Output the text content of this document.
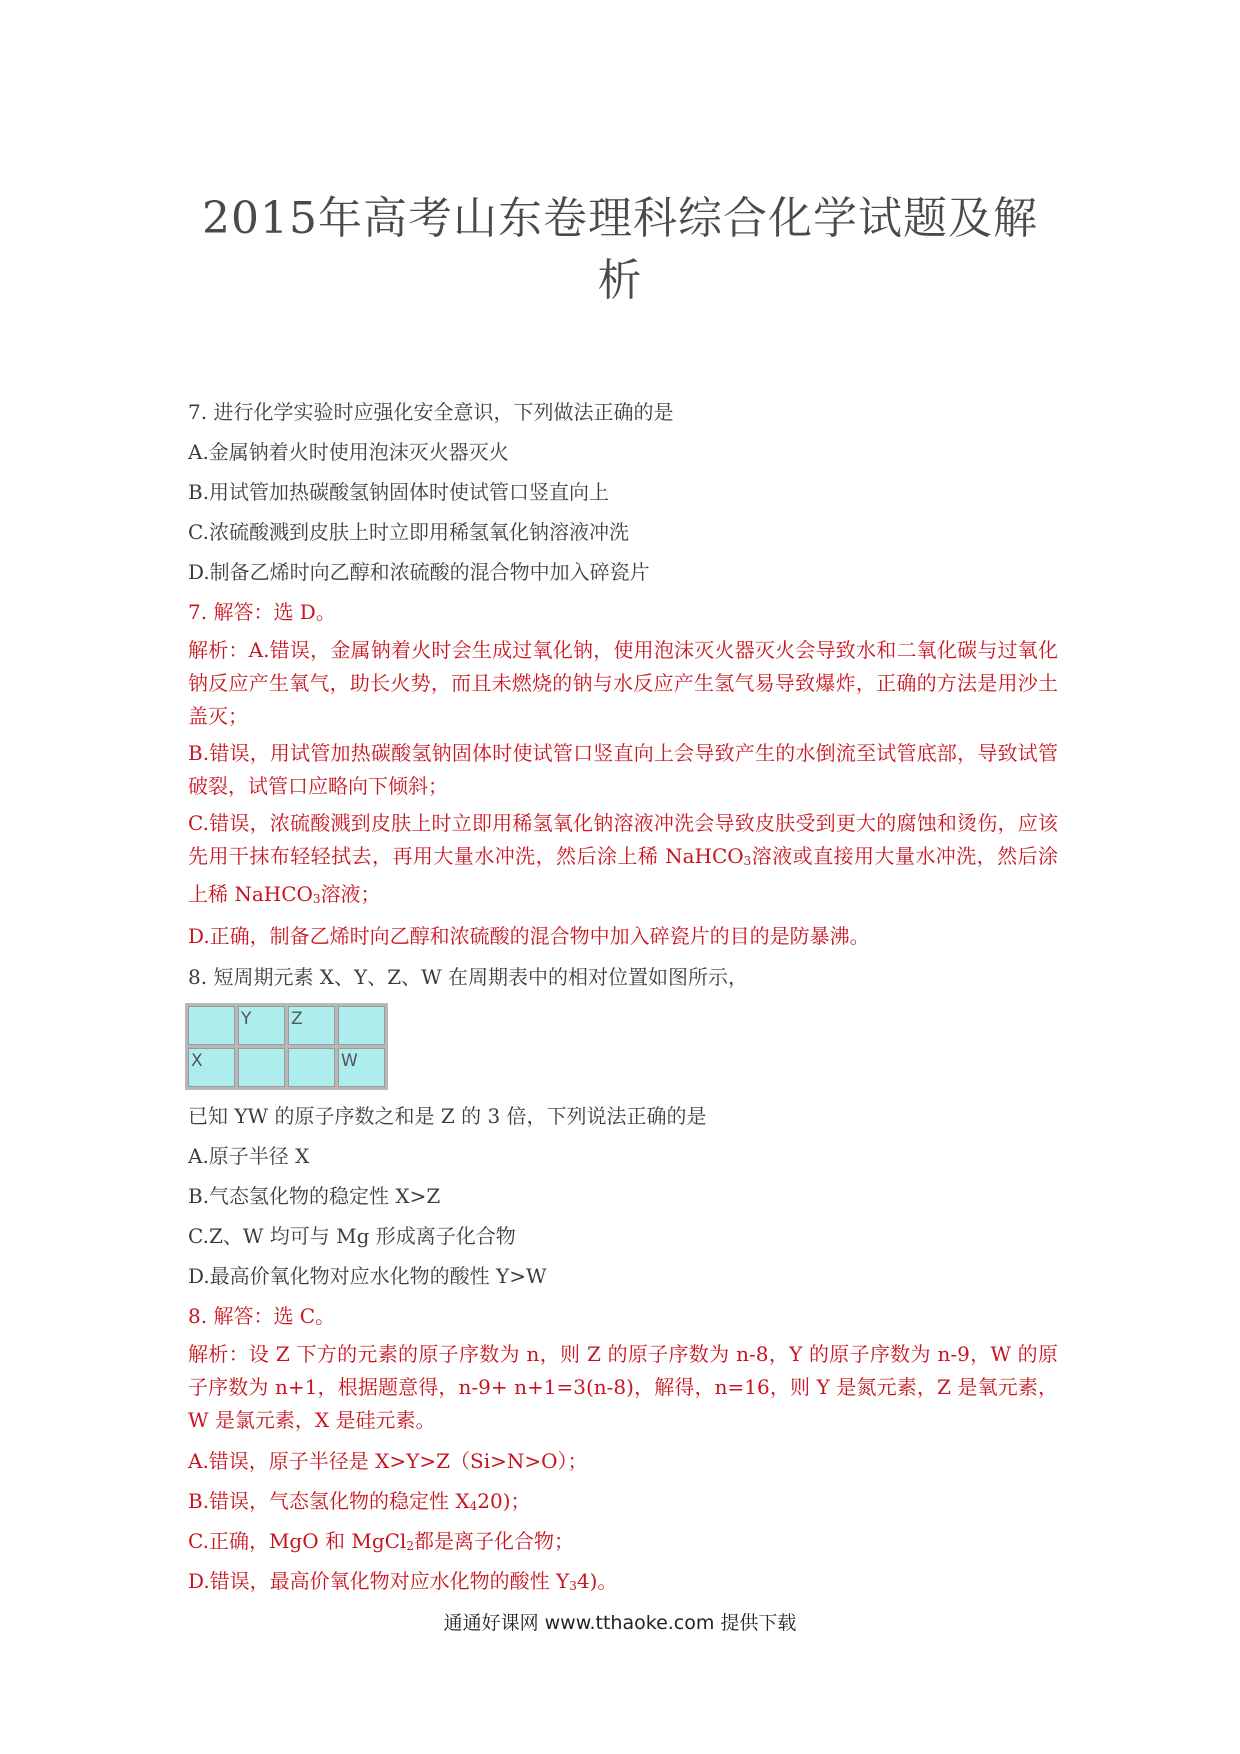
2015年高考山东卷理科综合化学试题及解析
7. 进行化学实验时应强化安全意识，下列做法正确的是
A.金属钠着火时使用泡沫灭火器灭火
B.用试管加热碳酸氢钠固体时使试管口竖直向上
C.浓硫酸溅到皮肤上时立即用稀氢氧化钠溶液冲洗
D.制备乙烯时向乙醇和浓硫酸的混合物中加入碎瓷片
7. 解答：选 D。
解析：A.错误，金属钠着火时会生成过氧化钠，使用泡沫灭火器灭火会导致水和二氧化碳与过氧化钠反应产生氧气，助长火势，而且未燃烧的钠与水反应产生氢气易导致爆炸，正确的方法是用沙土盖灭；
B.错误，用试管加热碳酸氢钠固体时使试管口竖直向上会导致产生的水倒流至试管底部，导致试管破裂，试管口应略向下倾斜；
C.错误，浓硫酸溅到皮肤上时立即用稀氢氧化钠溶液冲洗会导致皮肤受到更大的腐蚀和烫伤，应该先用干抹布轻轻拭去，再用大量水冲洗，然后涂上稀 NaHCO$_3$溶液或直接用大量水冲洗，然后涂上稀 NaHCO$_3$溶液；
D.正确，制备乙烯时向乙醇和浓硫酸的混合物中加入碎瓷片的目的是防暴沸。
8. 短周期元素 X、Y、Z、W 在周期表中的相对位置如图所示，
	Y	Z	
X			W
已知 YW 的原子序数之和是 Z 的 3 倍，下列说法正确的是
A.原子半径 X
B.气态氢化物的稳定性 X>Z
C.Z、W 均可与 Mg 形成离子化合物
D.最高价氧化物对应水化物的酸性 Y>W
8. 解答：选 C。
解析：设 Z 下方的元素的原子序数为 n，则 Z 的原子序数为 n-8，Y 的原子序数为 n-9，W 的原子序数为 n+1，根据题意得，n-9+ n+1=3(n-8)，解得，n=16，则 Y 是氮元素，Z 是氧元素，W 是氯元素，X 是硅元素。
A.错误，原子半径是 X>Y>Z（Si>N>O）；
B.错误，气态氢化物的稳定性 $X_420$)；
C.正确，MgO 和 MgCl$_2$都是离子化合物；
D.错误，最高价氧化物对应水化物的酸性 $Y_34$)。
通通好课网 www.tthaoke.com 提供下载
